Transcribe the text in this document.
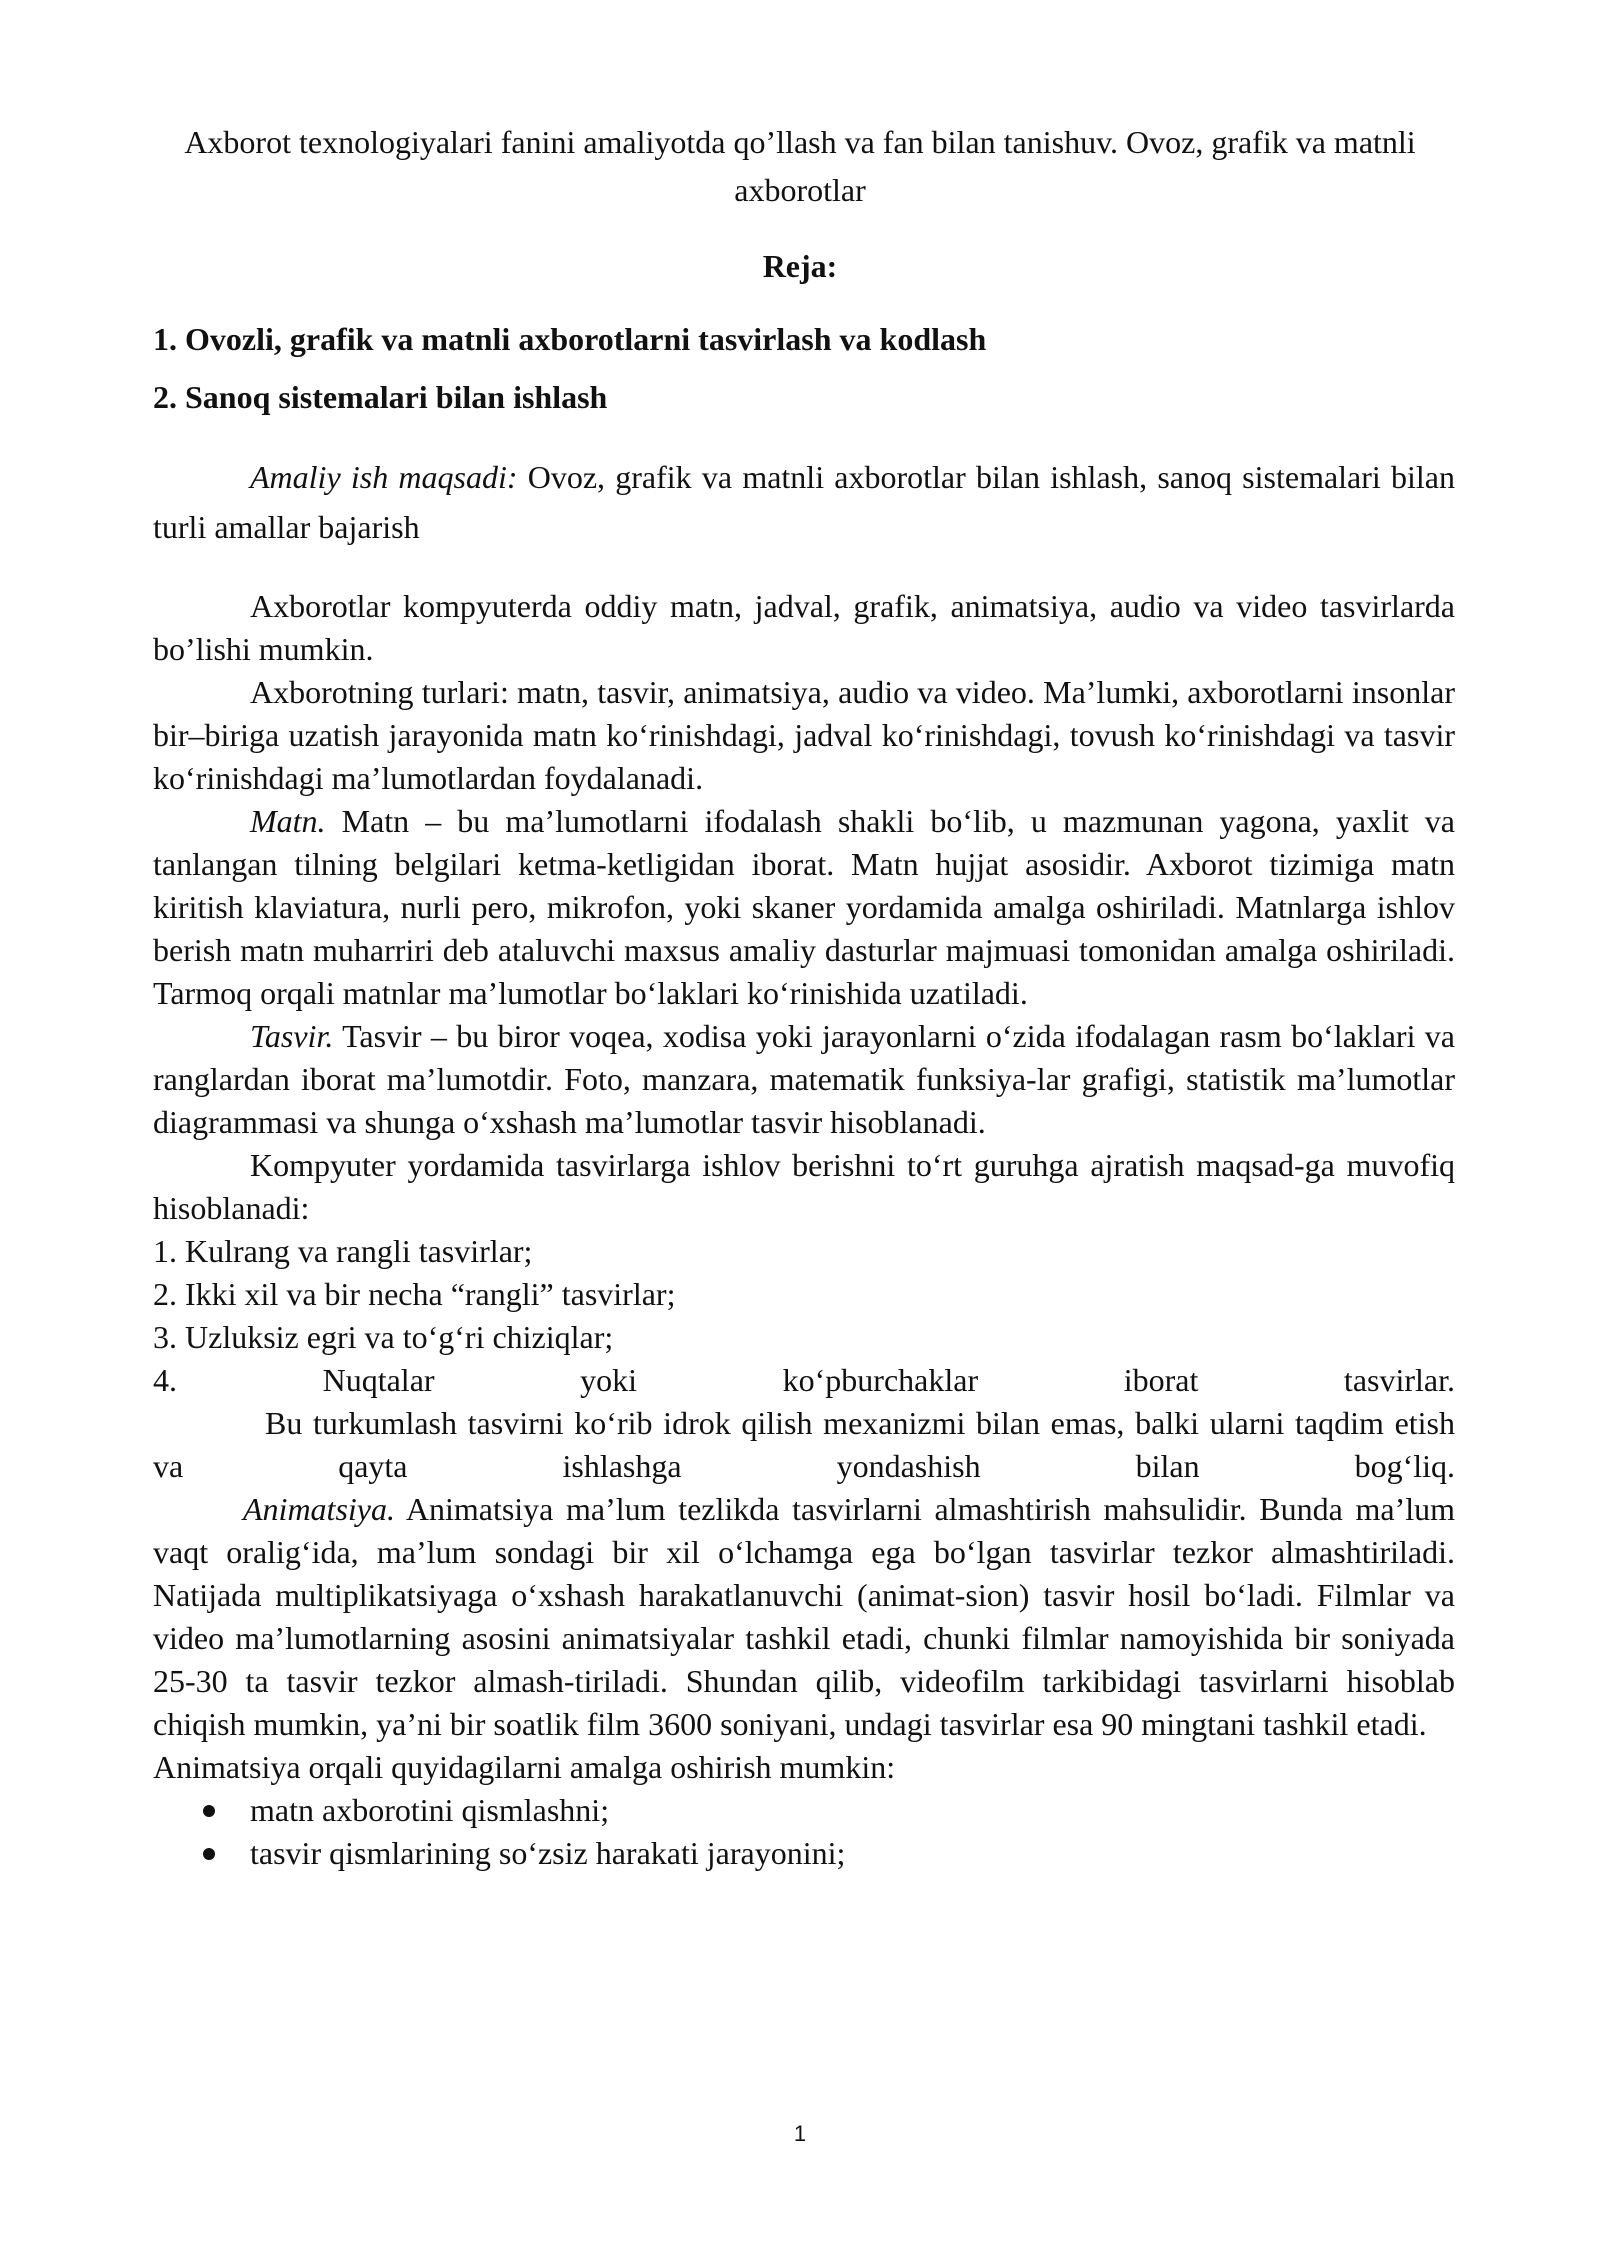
Axborot texnologiyalari fanini amaliyotda qo’llash va fan bilan tanishuv. Ovoz, grafik va matnli axborotlar
Reja:
1. Ovozli, grafik va matnli axborotlarni tasvirlash va kodlash
2. Sanoq sistemalari bilan ishlash
Amaliy ish maqsadi: Ovoz, grafik va matnli axborotlar bilan ishlash, sanoq sistemalari bilan turli amallar bajarish

Axborotlar kompyuterda oddiy matn, jadval, grafik, animatsiya, audio va video tasvirlarda bo’lishi mumkin.

Axborotning turlari: matn, tasvir, animatsiya, audio va video. Ma’lumki, axborotlarni insonlar bir–biriga uzatish jarayonida matn ko‘rinishdagi, jadval ko‘rinishdagi, tovush ko‘rinishdagi va tasvir ko‘rinishdagi ma’lumotlardan foydalanadi.

Matn. Matn – bu ma’lumotlarni ifodalash shakli bo‘lib, u mazmunan yagona, yaxlit va tanlangan tilning belgilari ketma-ketligidan iborat. Matn hujjat asosidir. Axborot tizimiga matn kiritish klaviatura, nurli pero, mikrofon, yoki skaner yordamida amalga oshiriladi. Matnlarga ishlov berish matn muharriri deb ataluvchi maxsus amaliy dasturlar majmuasi tomonidan amalga oshiriladi. Tarmoq orqali matnlar ma’lumotlar bo‘laklari ko‘rinishida uzatiladi.

Tasvir. Tasvir – bu biror voqea, xodisa yoki jarayonlarni o‘zida ifodalagan rasm bo‘laklari va ranglardan iborat ma’lumotdir. Foto, manzara, matematik funksiya-lar grafigi, statistik ma’lumotlar diagrammasi va shunga o‘xshash ma’lumotlar tasvir hisoblanadi.

Kompyuter yordamida tasvirlarga ishlov berishni to‘rt guruhga ajratish maqsad-ga muvofiq hisoblanadi:

1. Kulrang va rangli tasvirlar;

2. Ikki xil va bir necha “rangli” tasvirlar;

3. Uzluksiz egri va to‘g‘ri chiziqlar;

4.            Nuqtalar            yoki            ko‘pburchaklar            iborat            tasvirlar.

Bu turkumlash tasvirni ko‘rib idrok qilish mexanizmi bilan emas, balki ularni taqdim etish va qayta ishlashga yondashish bilan bog‘liq.

Animatsiya. Animatsiya ma’lum tezlikda tasvirlarni almashtirish mahsulidir. Bunda ma’lum vaqt oralig‘ida, ma’lum sondagi bir xil o‘lchamga ega bo‘lgan tasvirlar tezkor almashtiriladi. Natijada multiplikatsiyaga o‘xshash harakatlanuvchi (animat-sion) tasvir hosil bo‘ladi. Filmlar va video ma’lumotlarning asosini animatsiyalar tashkil etadi, chunki filmlar namoyishida bir soniyada 25-30 ta tasvir tezkor almash-tiriladi. Shundan qilib, videofilm tarkibidagi tasvirlarni hisoblab chiqish mumkin, ya’ni bir soatlik film 3600 soniyani, undagi tasvirlar esa 90 mingtani tashkil etadi.

Animatsiya orqali quyidagilarni amalga oshirish mumkin:

matn axborotini qismlashni;
tasvir qismlarining so‘zsiz harakati jarayonini;
1
